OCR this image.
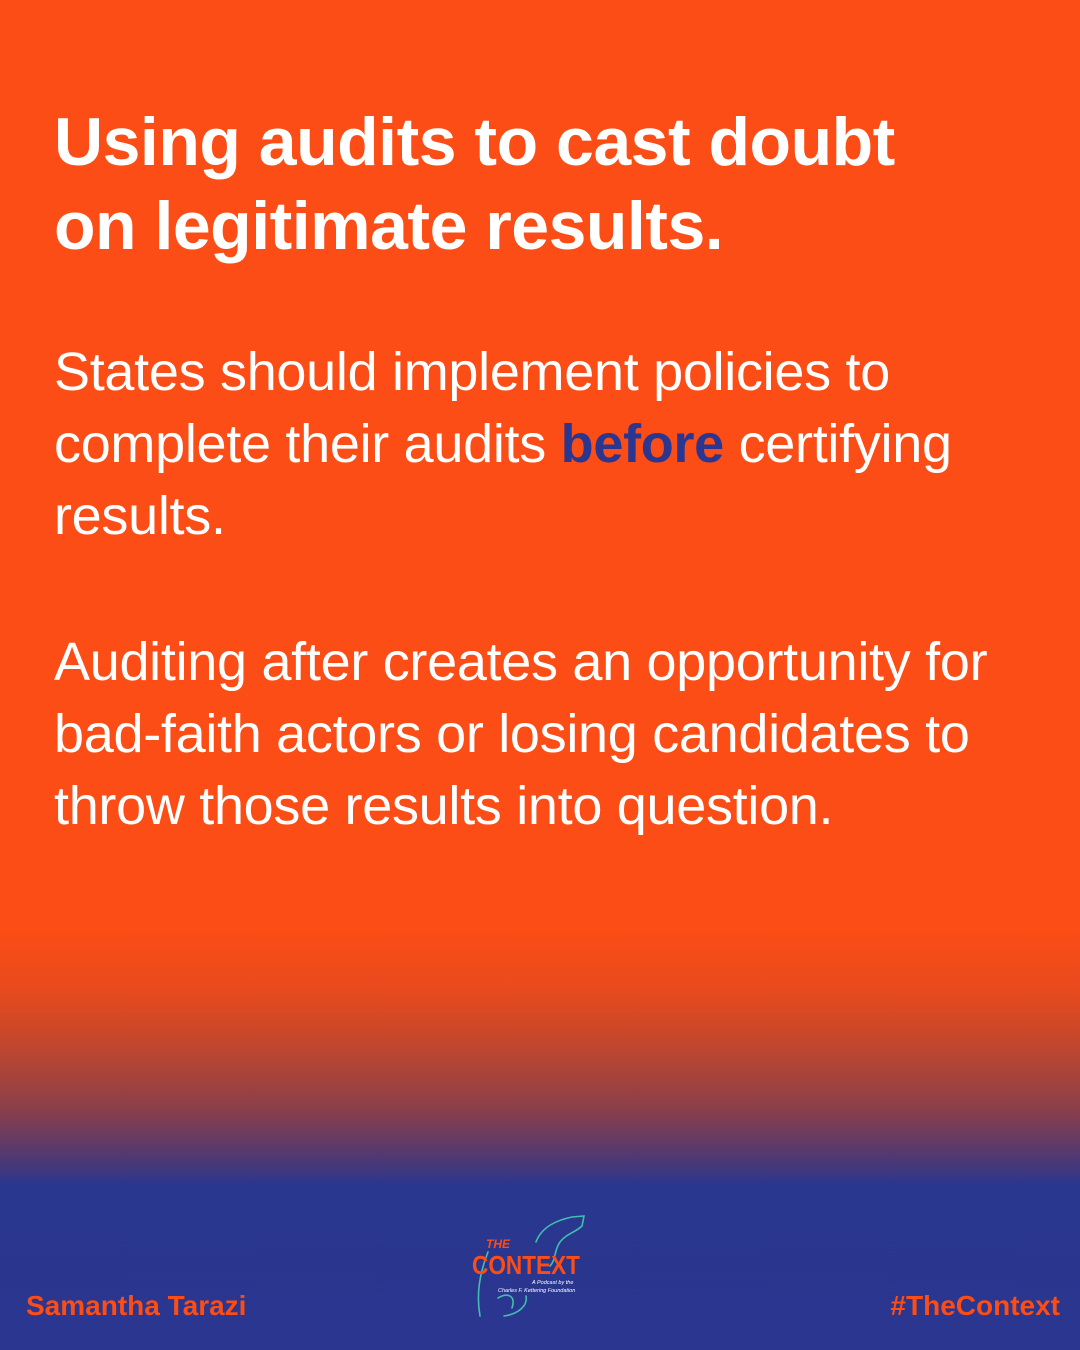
Using audits to cast doubt
on legitimate results.

States should implement policies to complete their audits before certifying results.

Auditing after creates an opportunity for bad-faith actors or losing candidates to throw those results into question.

THE
CONTEXT
A Podcast by the
Charles F. Kettering Foundation
Samantha Tarazi	#TheContext
